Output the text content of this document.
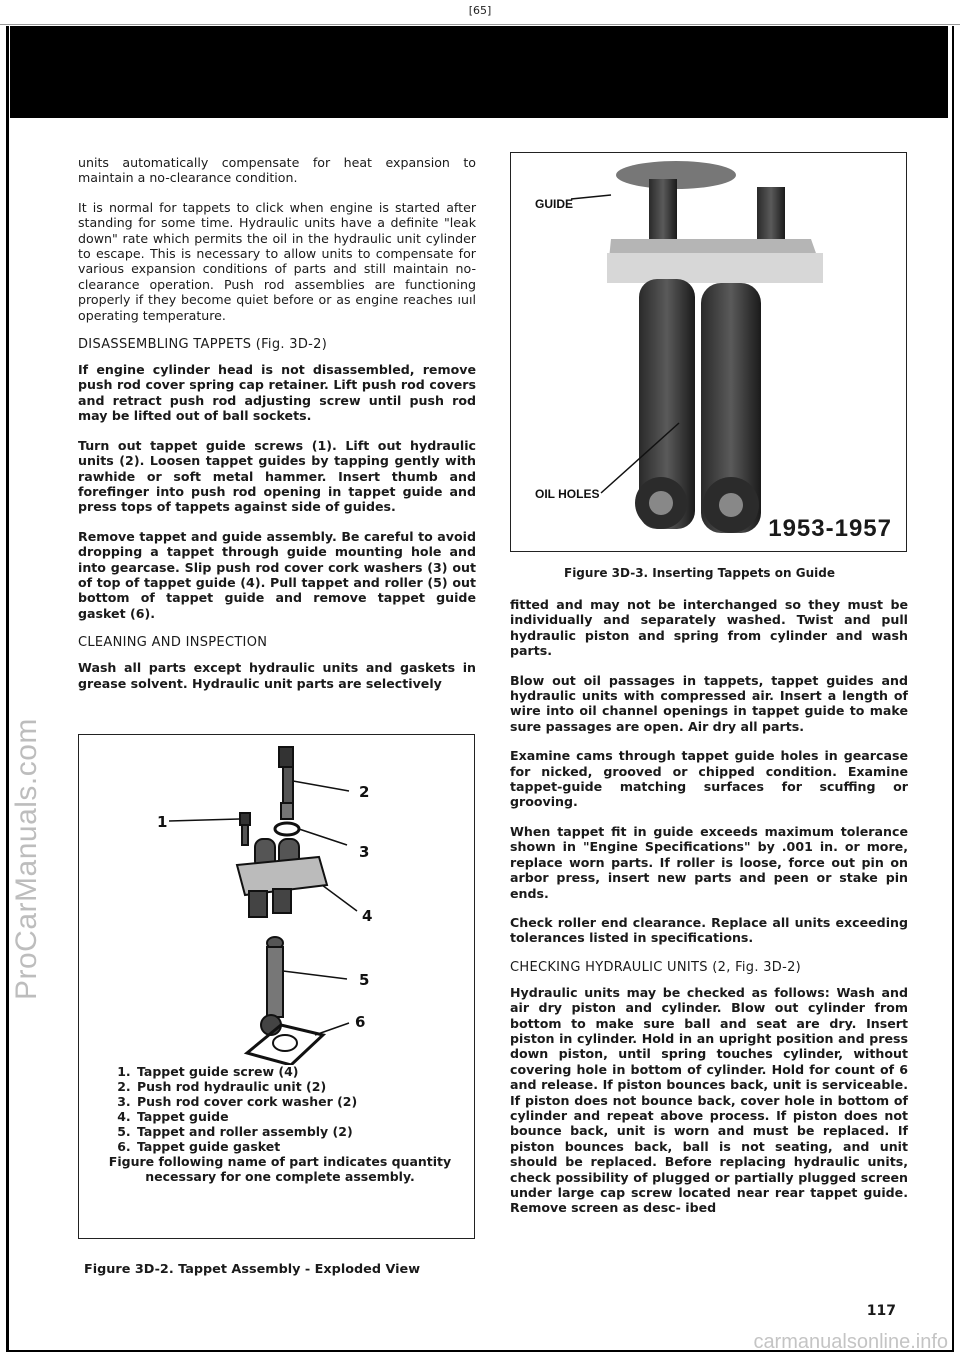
[65]
ProCarManuals.com

units automatically compensate for heat expansion to maintain a no-clearance condition.

It is normal for tappets to click when engine is started after standing for some time. Hydraulic units have a definite "leak down" rate which permits the oil in the hydraulic unit cylinder to escape. This is necessary to allow units to compensate for various expansion conditions of parts and still maintain no-clearance operation. Push rod assemblies are functioning properly if they become quiet before or as engine reaches ıuıl operating temperature.

DISASSEMBLING TAPPETS (Fig. 3D-2)

If engine cylinder head is not disassembled, remove push rod cover spring cap retainer. Lift push rod covers and retract push rod adjusting screw until push rod may be lifted out of ball sockets.

Turn out tappet guide screws (1). Lift out hydraulic units (2). Loosen tappet guides by tapping gently with rawhide or soft metal hammer. Insert thumb and forefinger into push rod opening in tappet guide and press tops of tappets against side of guides.

Remove tappet and guide assembly. Be careful to avoid dropping a tappet through guide mounting hole and into gearcase. Slip push rod cover cork washers (3) out of top of tappet guide (4). Pull tappet and roller (5) out bottom of tappet guide and remove tappet guide gasket (6).

CLEANING AND INSPECTION

Wash all parts except hydraulic units and gaskets in grease solvent. Hydraulic unit parts are selectively

1
2
3
4
5
6
1. Tappet guide screw (4)
2. Push rod hydraulic unit (2)
3. Push rod cover cork washer (2)
4. Tappet guide
5. Tappet and roller assembly (2)
6. Tappet guide gasket
Figure following name of part indicates quantity necessary for one complete assembly.
Figure 3D-2. Tappet Assembly - Exploded View
GUIDE
OIL HOLES
1953-1957
Figure 3D-3. Inserting Tappets on Guide

fitted and may not be interchanged so they must be individually and separately washed. Twist and pull hydraulic piston and spring from cylinder and wash parts.

Blow out oil passages in tappets, tappet guides and hydraulic units with compressed air. Insert a length of wire into oil channel openings in tappet guide to make sure passages are open. Air dry all parts.

Examine cams through tappet guide holes in gearcase for nicked, grooved or chipped condition. Examine tappet-guide matching surfaces for scuffing or grooving.

When tappet fit in guide exceeds maximum tolerance shown in "Engine Specifications" by .001 in. or more, replace worn parts. If roller is loose, force out pin on arbor press, insert new parts and peen or stake pin ends.

Check roller end clearance. Replace all units exceeding tolerances listed in specifications.

CHECKING HYDRAULIC UNITS (2, Fig. 3D-2)

Hydraulic units may be checked as follows: Wash and air dry piston and cylinder. Blow out cylinder from bottom to make sure ball and seat are dry. Insert piston in cylinder. Hold in an upright position and press down piston, until spring touches cylinder, without covering hole in bottom of cylinder. Hold for count of 6 and release. If piston bounces back, unit is serviceable. If piston does not bounce back, cover hole in bottom of cylinder and repeat above process. If piston does not bounce back, unit is worn and must be replaced. If piston bounces back, ball is not seating, and unit should be replaced. Before replacing hydraulic units, check possibility of plugged or partially plugged screen under large cap screw located near rear tappet guide. Remove screen as desc- ibed

117
carmanualsonline.info
